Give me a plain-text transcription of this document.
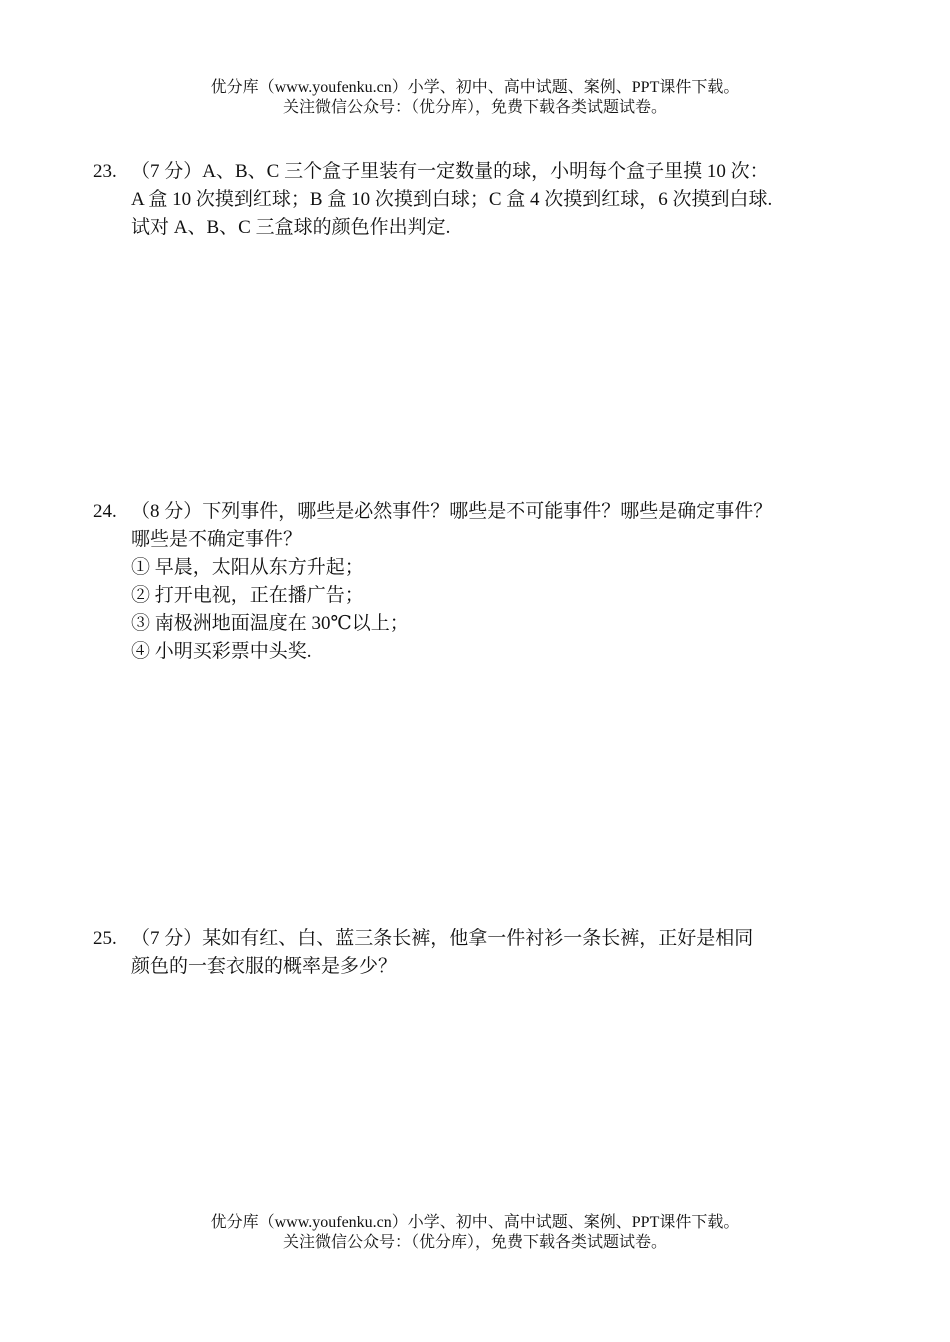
优分库（www.youfenku.cn）小学、初中、高中试题、案例、PPT课件下载。
关注微信公众号：（优分库），免费下载各类试题试卷。
23. （7 分）A、B、C 三个盒子里装有一定数量的球，小明每个盒子里摸 10 次：
A 盒 10 次摸到红球；B 盒 10 次摸到白球；C 盒 4 次摸到红球，6 次摸到白球.
试对 A、B、C 三盒球的颜色作出判定.
24. （8 分）下列事件，哪些是必然事件？哪些是不可能事件？哪些是确定事件？
哪些是不确定事件？
① 早晨，太阳从东方升起；
② 打开电视，正在播广告；
③ 南极洲地面温度在 30℃以上；
④ 小明买彩票中头奖.
25. （7 分）某如有红、白、蓝三条长裤，他拿一件衬衫一条长裤，正好是相同
颜色的一套衣服的概率是多少？
优分库（www.youfenku.cn）小学、初中、高中试题、案例、PPT课件下载。
关注微信公众号：（优分库），免费下载各类试题试卷。
